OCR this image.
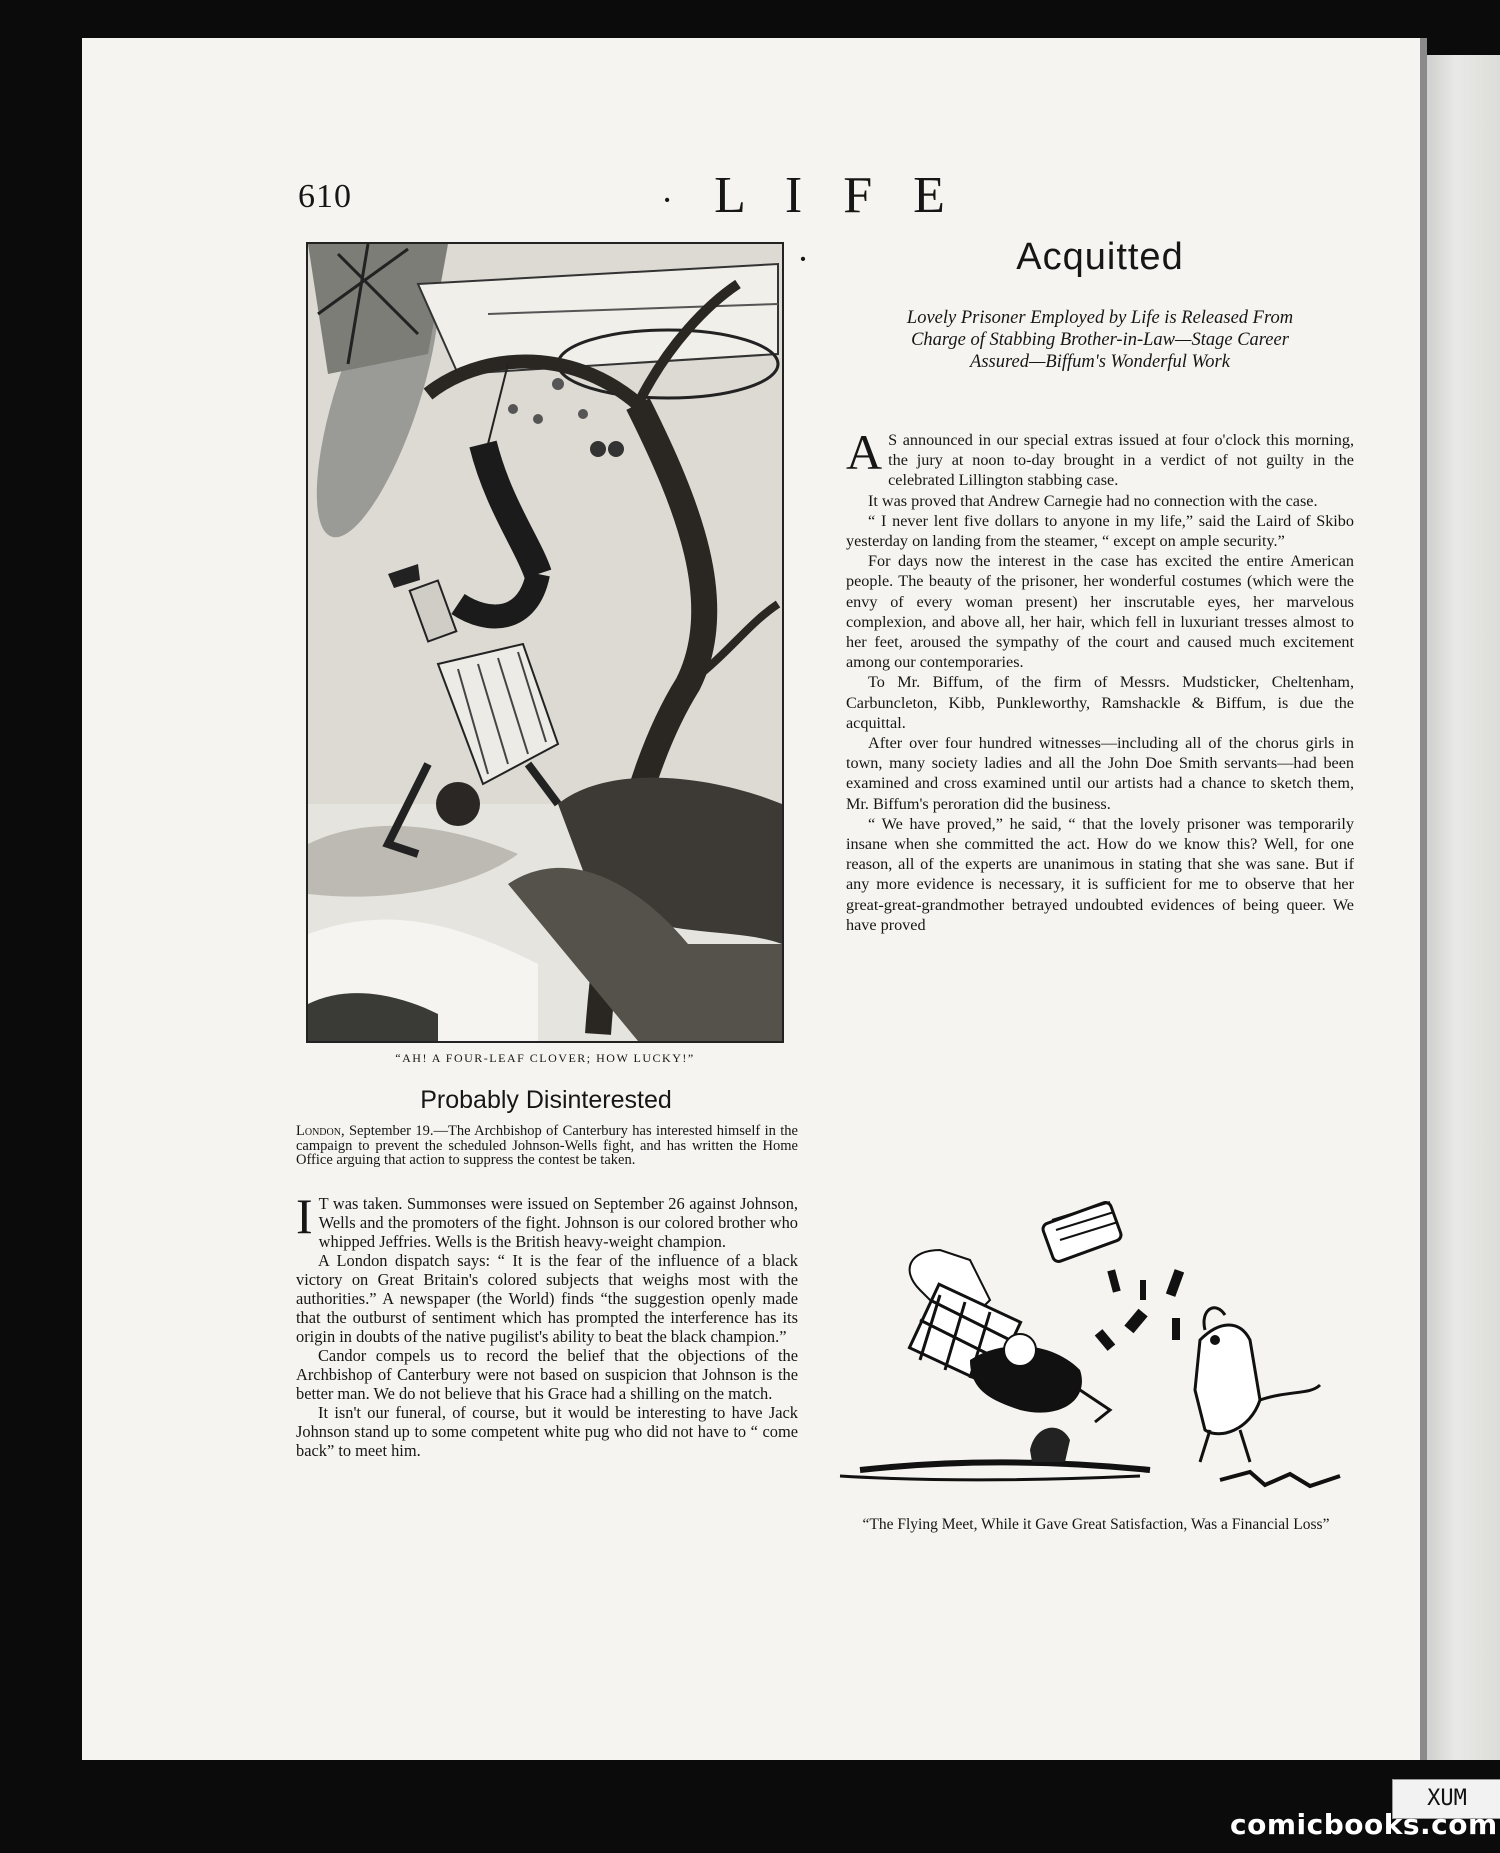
610	· L I F E ·
“AH! A FOUR-LEAF CLOVER; HOW LUCKY!”
Probably Disinterested
London, September 19.—The Archbishop of Canterbury has interested himself in the campaign to prevent the scheduled Johnson-Wells fight, and has written the Home Office arguing that action to suppress the contest be taken.

I T was taken. Summonses were issued on September 26 against Johnson, Wells and the promoters of the fight. Johnson is our colored brother who whipped Jeffries. Wells is the British heavy-weight champion.

A London dispatch says: “ It is the fear of the influence of a black victory on Great Britain's colored subjects that weighs most with the authorities.” A newspaper (the World) finds “the suggestion openly made that the outburst of sentiment which has prompted the interference has its origin in doubts of the native pugilist's ability to beat the black champion.”

Candor compels us to record the belief that the objections of the Archbishop of Canterbury were not based on suspicion that Johnson is the better man. We do not believe that his Grace had a shilling on the match.

It isn't our funeral, of course, but it would be interesting to have Jack Johnson stand up to some competent white pug who did not have to “ come back” to meet him.

Acquitted
Lovely Prisoner Employed by Life is Released From Charge of Stabbing Brother-in-Law—Stage Career Assured—Biffum's Wonderful Work

A S announced in our special extras issued at four o'clock this morning, the jury at noon to-day brought in a verdict of not guilty in the celebrated Lillington stabbing case.

It was proved that Andrew Carnegie had no connection with the case.

“ I never lent five dollars to anyone in my life,” said the Laird of Skibo yesterday on landing from the steamer, “ except on ample security.”

For days now the interest in the case has excited the entire American people. The beauty of the prisoner, her wonderful costumes (which were the envy of every woman present) her inscrutable eyes, her marvelous complexion, and above all, her hair, which fell in luxuriant tresses almost to her feet, aroused the sympathy of the court and caused much excitement among our contemporaries.

To Mr. Biffum, of the firm of Messrs. Mudsticker, Cheltenham, Carbuncleton, Kibb, Punkleworthy, Ramshackle & Biffum, is due the acquittal.

After over four hundred witnesses—including all of the chorus girls in town, many society ladies and all the John Doe Smith servants—had been examined and cross examined until our artists had a chance to sketch them, Mr. Biffum's peroration did the business.

“ We have proved,” he said, “ that the lovely prisoner was temporarily insane when she committed the act. How do we know this? Well, for one reason, all of the experts are unanimous in stating that she was sane. But if any more evidence is necessary, it is sufficient for me to observe that her great-great-grandmother betrayed undoubted evidences of being queer. We have proved

“The Flying Meet, While it Gave Great Satisfaction, Was a Financial Loss”
XUM
comicbooks.com
